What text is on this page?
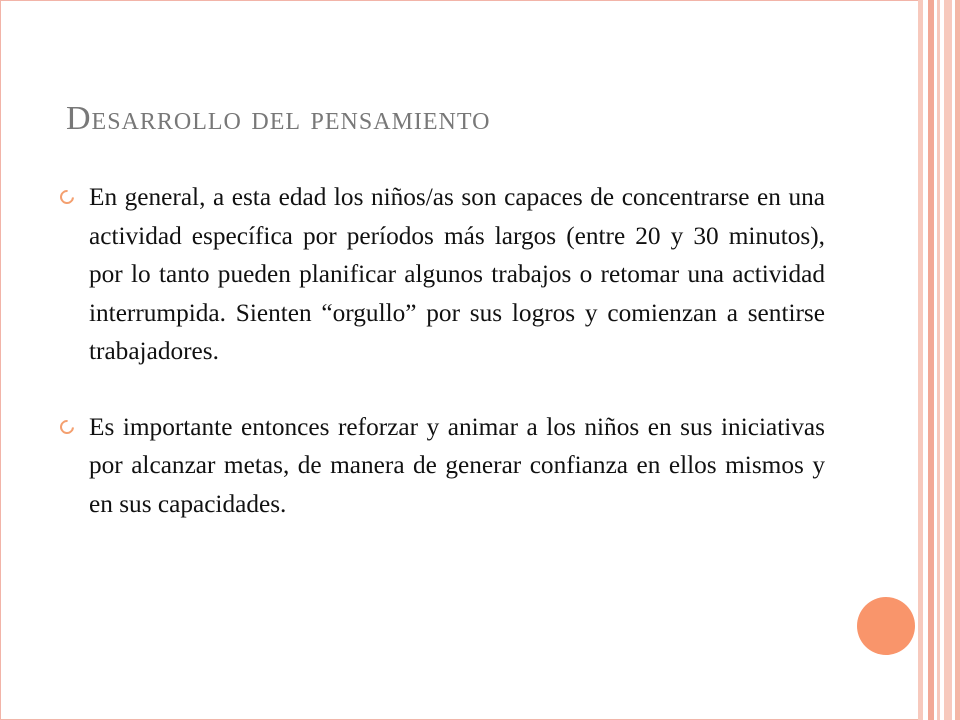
Desarrollo del pensamiento
En general, a esta edad los niños/as son capaces de concentrarse en una actividad específica por períodos más largos (entre 20 y 30 minutos), por lo tanto pueden planificar algunos trabajos o retomar una actividad interrumpida. Sienten “orgullo” por sus logros y comienzan a sentirse trabajadores.
Es importante entonces reforzar y animar a los niños en sus iniciativas por alcanzar metas, de manera de generar confianza en ellos mismos y en sus capacidades.
